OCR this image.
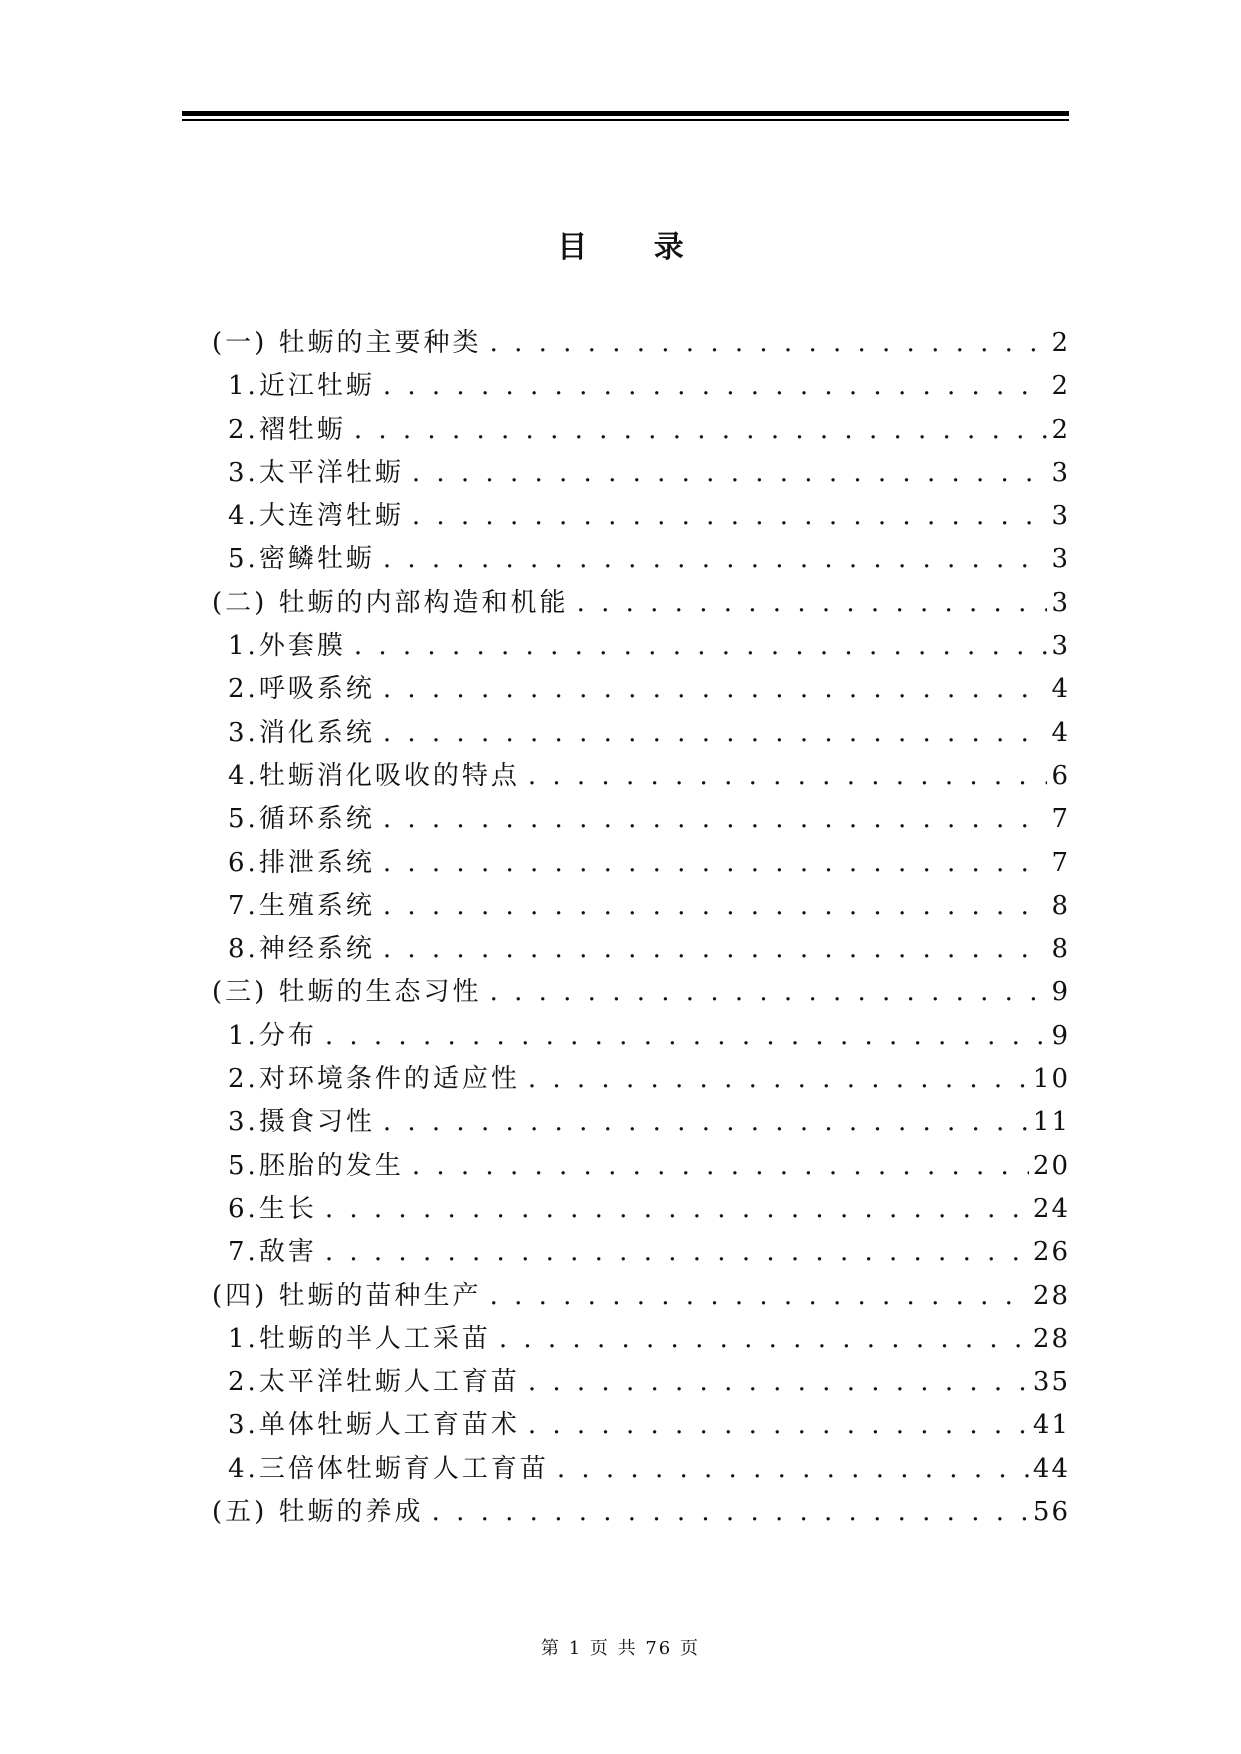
目 录
(一) 牡蛎的主要种类 . . .	2
1. 近江牡蛎 . . .	2
2. 褶牡蛎 . . .	2
3. 太平洋牡蛎 . . .	3
4. 大连湾牡蛎 . . .	3
5. 密鳞牡蛎 . . .	3
(二) 牡蛎的内部构造和机能 . . .	3
1. 外套膜 . . .	3
2. 呼吸系统 . . .	4
3. 消化系统 . . .	4
4. 牡蛎消化吸收的特点 . . .	6
5. 循环系统 . . .	7
6. 排泄系统 . . .	7
7. 生殖系统 . . .	8
8. 神经系统 . . .	8
(三) 牡蛎的生态习性 . . .	9
1. 分布 . . .	9
2. 对环境条件的适应性 . . .	10
3. 摄食习性 . . .	11
5. 胚胎的发生 . . .	20
6. 生长 . . .	24
7. 敌害 . . .	26
(四) 牡蛎的苗种生产 . . .	28
1. 牡蛎的半人工采苗 . . .	28
2. 太平洋牡蛎人工育苗 . . .	35
3. 单体牡蛎人工育苗术 . . .	41
4. 三倍体牡蛎育人工育苗 . . .	44
(五) 牡蛎的养成 . . .	56
第 1 页 共 76 页
